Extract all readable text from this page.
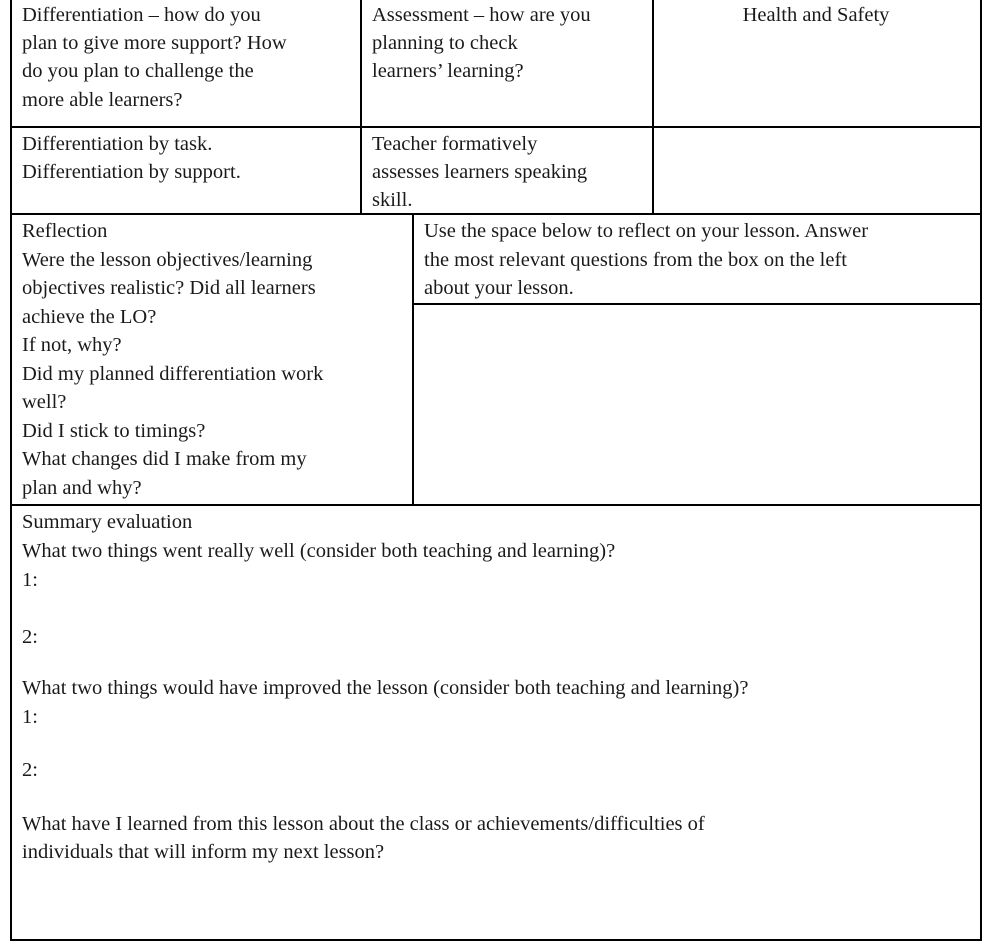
Differentiation – how do you
plan to give more support? How
do you plan to challenge the
more able learners?
Assessment – how are you
planning to check
learners’ learning?
Health and Safety
Differentiation by task.
Differentiation by support.
Teacher formatively
assesses learners speaking
skill.
Reflection
Were the lesson objectives/learning
objectives realistic? Did all learners
achieve the LO?
If not, why?
Did my planned differentiation work
well?
Did I stick to timings?
What changes did I make from my
plan and why?
Use the space below to reflect on your lesson. Answer
the most relevant questions from the box on the left
about your lesson.
Summary evaluation
What two things went really well (consider both teaching and learning)?
1:
2:
What two things would have improved the lesson (consider both teaching and learning)?
1:
2:
What have I learned from this lesson about the class or achievements/difficulties of
individuals that will inform my next lesson?
